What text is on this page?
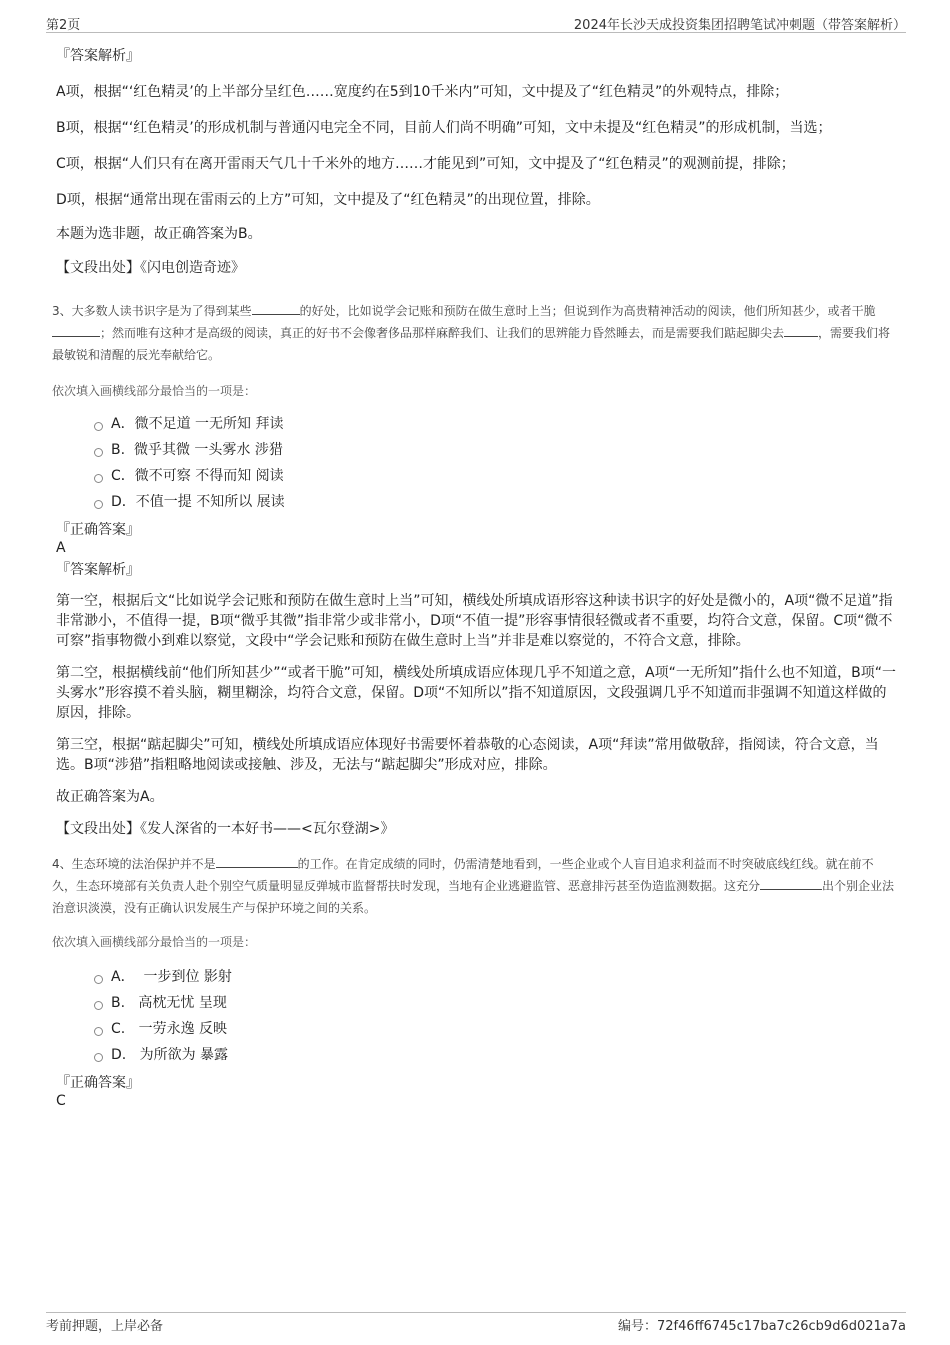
第2页	2024年长沙天成投资集团招聘笔试冲刺题（带答案解析）
『答案解析』

A项，根据“‘红色精灵’的上半部分呈红色……宽度约在5到10千米内”可知，文中提及了“红色精灵”的外观特点，排除；

B项，根据“‘红色精灵’的形成机制与普通闪电完全不同，目前人们尚不明确”可知，文中未提及“红色精灵”的形成机制，当选；

C项，根据“人们只有在离开雷雨天气几十千米外的地方……才能见到”可知，文中提及了“红色精灵”的观测前提，排除；

D项，根据“通常出现在雷雨云的上方”可知，文中提及了“红色精灵”的出现位置，排除。

本题为选非题，故正确答案为B。

【文段出处】《闪电创造奇迹》

3、大多数人读书识字是为了得到某些	的好处，比如说学会记账和预防在做生意时上当；但说到作为高贵精神活动的阅读，他们所知甚少，或者干脆；然而唯有这种才是高级的阅读，真正的好书不会像奢侈品那样麻醉我们、让我们的思辨能力昏然睡去，而是需要我们踮起脚尖去	，需要我们将最敏锐和清醒的辰光奉献给它。

依次填入画横线部分最恰当的一项是：
A．微不足道 一无所知 拜读
B.  微乎其微 一头雾水 涉猎
C．微不可察 不得而知 阅读
D．不值一提 不知所以 展读
『正确答案』
A
『答案解析』

第一空，根据后文“比如说学会记账和预防在做生意时上当”可知，横线处所填成语形容这种读书识字的好处是微小的，A项“微不足道”指非常渺小，不值得一提，B项“微乎其微”指非常少或非常小，D项“不值一提”形容事情很轻微或者不重要，均符合文意，保留。C项“微不可察”指事物微小到难以察觉，文段中“学会记账和预防在做生意时上当”并非是难以察觉的，不符合文意，排除。

第二空，根据横线前“他们所知甚少”“或者干脆”可知，横线处所填成语应体现几乎不知道之意，A项“一无所知”指什么也不知道，B项“一头雾水”形容摸不着头脑，糊里糊涂，均符合文意，保留。D项“不知所以”指不知道原因，文段强调几乎不知道而非强调不知道这样做的原因，排除。

第三空，根据“踮起脚尖”可知，横线处所填成语应体现好书需要怀着恭敬的心态阅读，A项“拜读”常用做敬辞，指阅读，符合文意，当选。B项“涉猎”指粗略地阅读或接触、涉及，无法与“踮起脚尖”形成对应，排除。

故正确答案为A。

【文段出处】《发人深省的一本好书——<瓦尔登湖>》

4、生态环境的法治保护并不是	的工作。在肯定成绩的同时，仍需清楚地看到，一些企业或个人盲目追求利益而不时突破底线红线。就在前不久，生态环境部有关负责人赴个别空气质量明显反弹城市监督帮扶时发现，当地有企业逃避监管、恶意排污甚至伪造监测数据。这充分	出个别企业法治意识淡漠，没有正确认识发展生产与保护环境之间的关系。

依次填入画横线部分最恰当的一项是：
A．  一步到位 影射
B.   高枕无忧 呈现
C.   一劳永逸 反映
D.   为所欲为 暴露
『正确答案』
C
考前押题，上岸必备	编号：72f46ff6745c17ba7c26cb9d6d021a7a
